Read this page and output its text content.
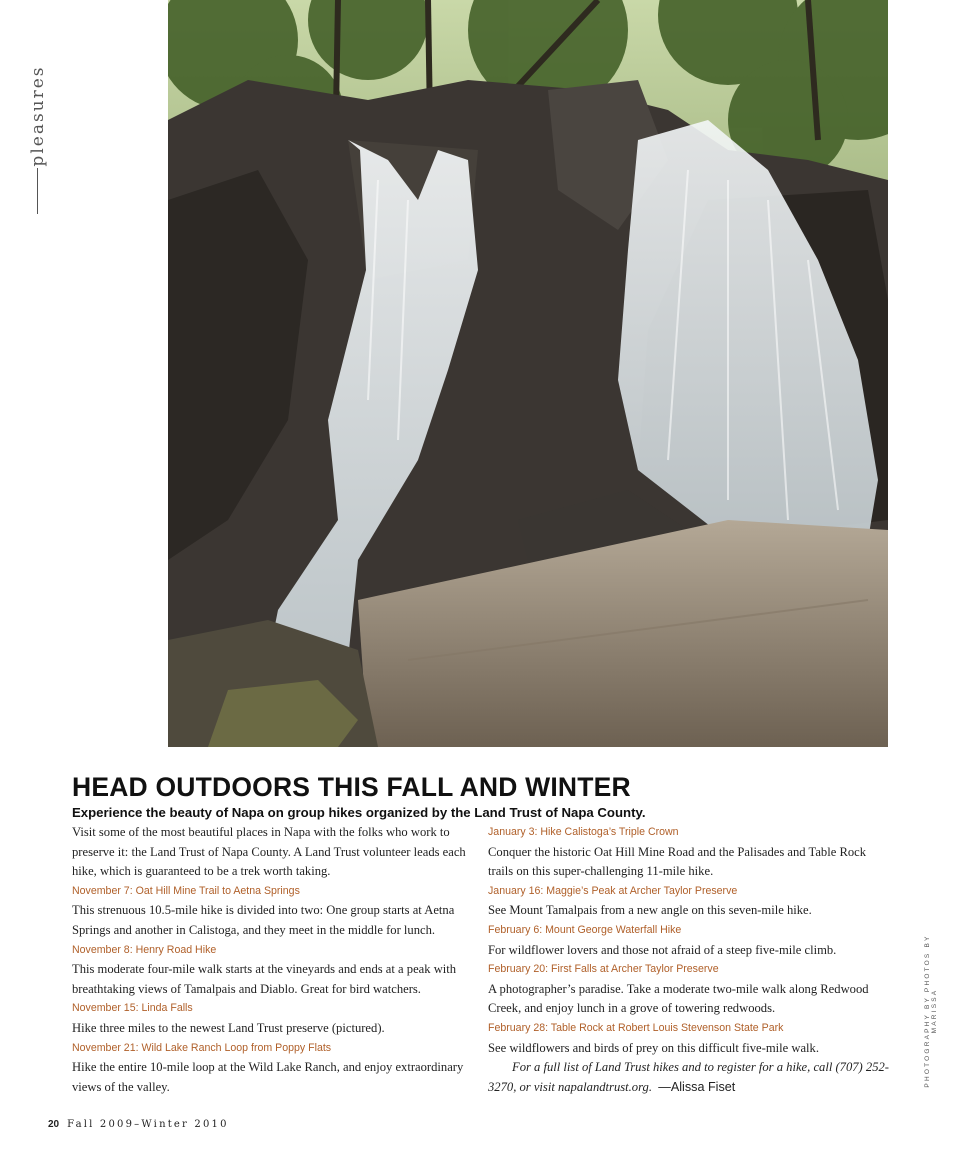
pleasures
PHOTOGRAPHY BY PHOTOS BY MARISSA
HEAD OUTDOORS THIS FALL AND WINTER
Experience the beauty of Napa on group hikes organized by the Land Trust of Napa County.

Visit some of the most beautiful places in Napa with the folks who work to preserve it: the Land Trust of Napa County. A Land Trust volunteer leads each hike, which is guaranteed to be a trek worth taking.

November 7: Oat Hill Mine Trail to Aetna Springs

This strenuous 10.5-mile hike is divided into two: One group starts at Aetna Springs and another in Calistoga, and they meet in the middle for lunch.

November 8: Henry Road Hike

This moderate four-mile walk starts at the vineyards and ends at a peak with breathtaking views of Tamalpais and Diablo. Great for bird watchers.

November 15: Linda Falls

Hike three miles to the newest Land Trust preserve (pictured).

November 21: Wild Lake Ranch Loop from Poppy Flats

Hike the entire 10-mile loop at the Wild Lake Ranch, and enjoy extraordinary views of the valley.

January 3: Hike Calistoga’s Triple Crown

Conquer the historic Oat Hill Mine Road and the Palisades and Table Rock trails on this super-challenging 11-mile hike.

January 16: Maggie’s Peak at Archer Taylor Preserve

See Mount Tamalpais from a new angle on this seven-mile hike.

February 6: Mount George Waterfall Hike

For wildflower lovers and those not afraid of a steep five-mile climb.

February 20: First Falls at Archer Taylor Preserve

A photographer’s paradise. Take a moderate two-mile walk along Redwood Creek, and enjoy lunch in a grove of towering redwoods.

February 28: Table Rock at Robert Louis Stevenson State Park

See wildflowers and birds of prey on this difficult five-mile walk.

For a full list of Land Trust hikes and to register for a hike, call (707) 252-3270, or visit napalandtrust.org. —Alissa Fiset

20 Fall 2009–Winter 2010
